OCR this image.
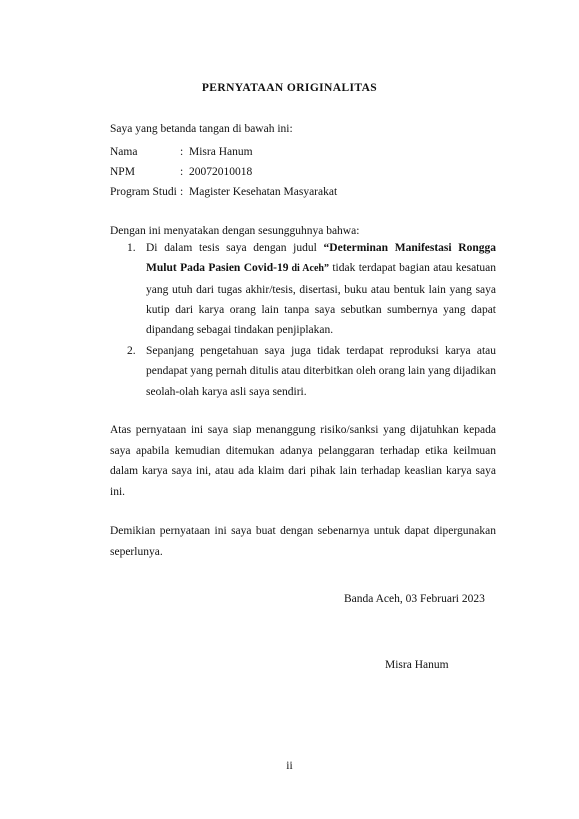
PERNYATAAN ORIGINALITAS
Saya yang betanda tangan di bawah ini:
Nama	: Misra Hanum
NPM	: 20072010018
Program Studi : Magister Kesehatan Masyarakat
Dengan ini menyatakan dengan sesungguhnya bahwa:
1. Di dalam tesis saya dengan judul “Determinan Manifestasi Rongga Mulut Pada Pasien Covid-19 di Aceh” tidak terdapat bagian atau kesatuan yang utuh dari tugas akhir/tesis, disertasi, buku atau bentuk lain yang saya kutip dari karya orang lain tanpa saya sebutkan sumbernya yang dapat dipandang sebagai tindakan penjiplakan.
2. Sepanjang pengetahuan saya juga tidak terdapat reproduksi karya atau pendapat yang pernah ditulis atau diterbitkan oleh orang lain yang dijadikan seolah-olah karya asli saya sendiri.
Atas pernyataan ini saya siap menanggung risiko/sanksi yang dijatuhkan kepada saya apabila kemudian ditemukan adanya pelanggaran terhadap etika keilmuan dalam karya saya ini, atau ada klaim dari pihak lain terhadap keaslian karya saya ini.
Demikian pernyataan ini saya buat dengan sebenarnya untuk dapat dipergunakan seperlunya.
Banda Aceh, 03 Februari 2023
Misra Hanum
ii
